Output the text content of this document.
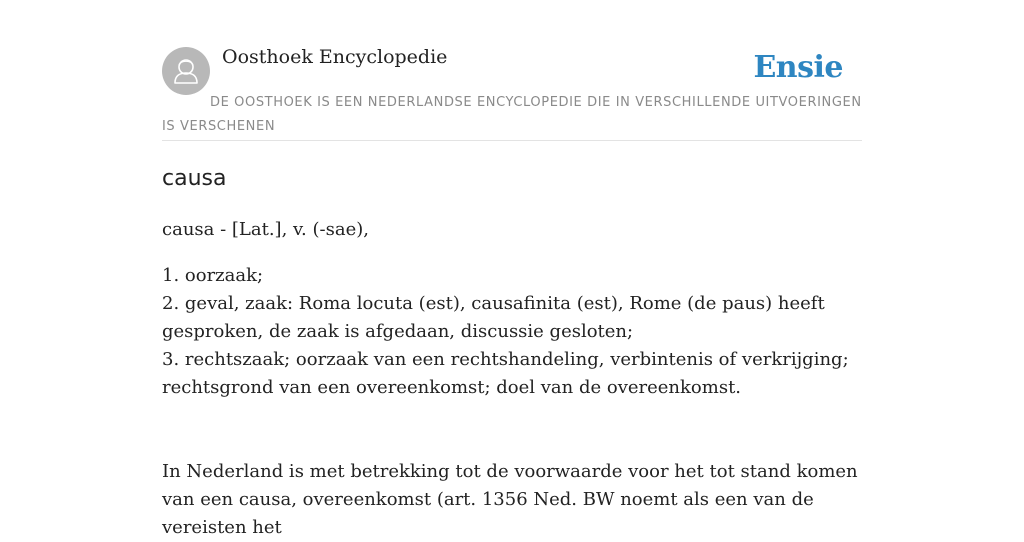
Oosthoek Encyclopedie	Ensie
DE OOSTHOEK IS EEN NEDERLANDSE ENCYCLOPEDIE DIE IN VERSCHILLENDE UITVOERINGEN IS VERSCHENEN
causa

causa - [Lat.], v. (-sae),

1. oorzaak;
2. geval, zaak: Roma locuta (est), causafinita (est), Rome (de paus) heeft gesproken, de zaak is afgedaan, discussie gesloten;
3. rechtszaak; oorzaak van een rechtshandeling, verbintenis of verkrijging; rechtsgrond van een overeenkomst; doel van de overeenkomst.

In Nederland is met betrekking tot de voorwaarde voor het tot stand komen van een causa, overeenkomst (art. 1356 Ned. BW noemt als een van de vereisten het
